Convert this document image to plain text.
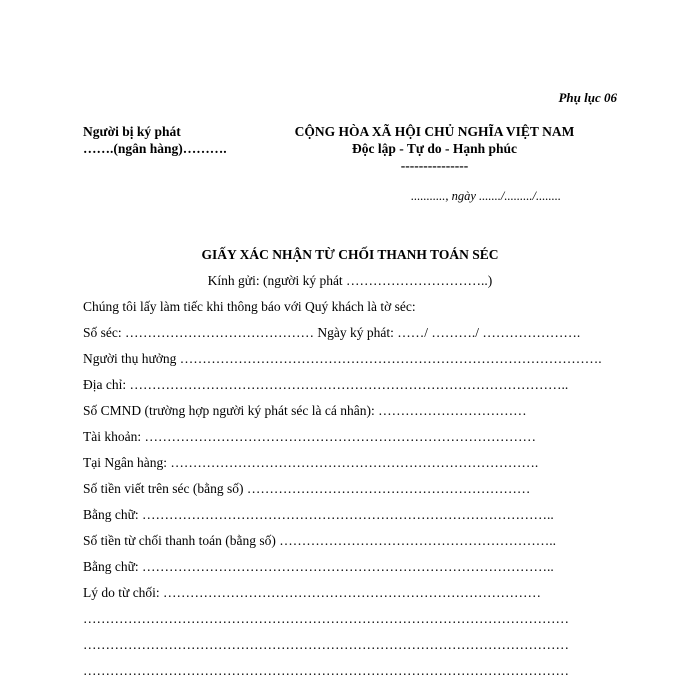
Phụ lục 06
Người bị ký phát
…….(ngân hàng)……….
CỘNG HÒA XÃ HỘI CHỦ NGHĨA VIỆT NAM
Độc lập - Tự do - Hạnh phúc
---------------
..........., ngày ......./........./........
GIẤY XÁC NHẬN TỪ CHỐI THANH TOÁN SÉC
Kính gửi: (người ký phát …………………………..)
Chúng tôi lấy làm tiếc khi thông báo với Quý khách là tờ séc:
Số séc: …………………………………… Ngày ký phát: ……/ ………./ ………………….
Người thụ hưởng ………………………………………………………………………………….
Địa chỉ: ……………………………………………………………………………………..
Số CMND (trường hợp người ký phát séc là cá nhân): ……………………………
Tài khoản: ……………………………………………………………………………
Tại Ngân hàng: ……………………………………………………………………….
Số tiền viết trên séc (bằng số) ………………………………………………………
Bằng chữ: ………………………………………………………………………………..
Số tiền từ chối thanh toán (bằng số) ……………………………………………………..
Bằng chữ: ………………………………………………………………………………..
Lý do từ chối: …………………………………………………………………………
………………………………………………………………………………………………
………………………………………………………………………………………………
………………………………………………………………………………………………
